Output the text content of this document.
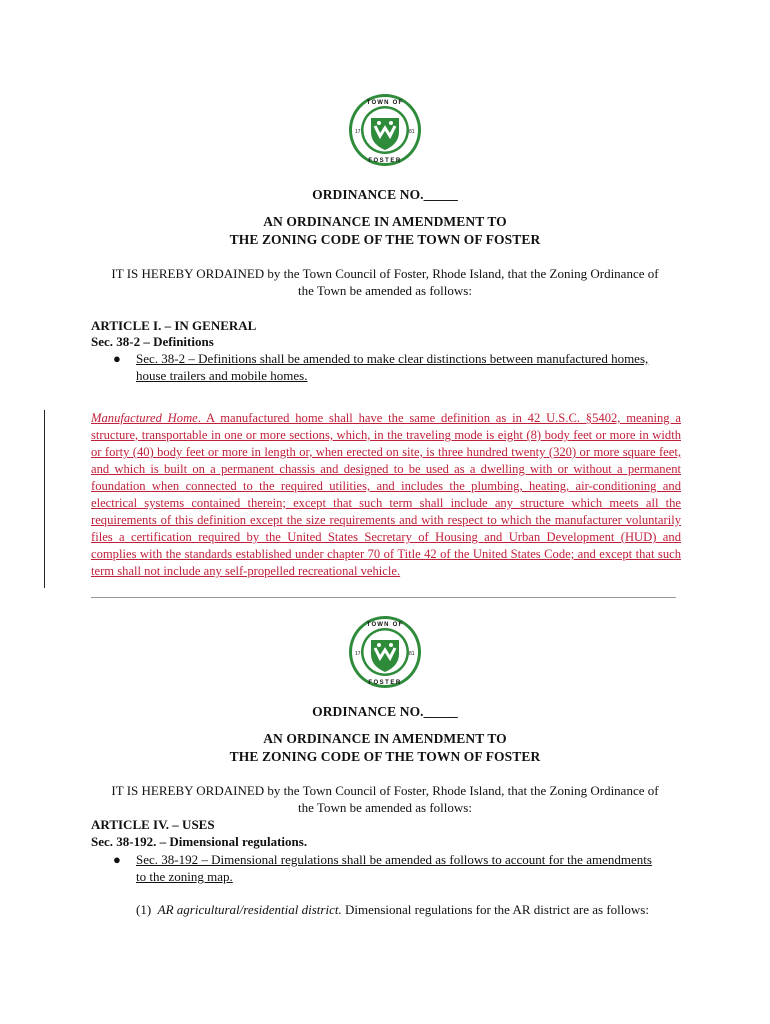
TOWN OF
FOSTER
17	81
ORDINANCE NO._____
AN ORDINANCE IN AMENDMENT TO
THE ZONING CODE OF THE TOWN OF FOSTER
IT IS HEREBY ORDAINED by the Town Council of Foster, Rhode Island, that the Zoning Ordinance of
the Town be amended as follows:
ARTICLE I. – IN GENERAL
Sec. 38-2 – Definitions
● Sec. 38-2 – Definitions shall be amended to make clear distinctions between manufactured homes,
house trailers and mobile homes.
Manufactured Home. A manufactured home shall have the same definition as in 42 U.S.C. §5402, meaning a structure, transportable in one or more sections, which, in the traveling mode is eight (8) body feet or more in width or forty (40) body feet or more in length or, when erected on site, is three hundred twenty (320) or more square feet, and which is built on a permanent chassis and designed to be used as a dwelling with or without a permanent foundation when connected to the required utilities, and includes the plumbing, heating, air-conditioning and electrical systems contained therein; except that such term shall include any structure which meets all the requirements of this definition except the size requirements and with respect to which the manufacturer voluntarily files a certification required by the United States Secretary of Housing and Urban Development (HUD) and complies with the standards established under chapter 70 of Title 42 of the United States Code; and except that such term shall not include any self-propelled recreational vehicle.
TOWN OF
FOSTER
17	81
ORDINANCE NO._____
AN ORDINANCE IN AMENDMENT TO
THE ZONING CODE OF THE TOWN OF FOSTER
IT IS HEREBY ORDAINED by the Town Council of Foster, Rhode Island, that the Zoning Ordinance of
the Town be amended as follows:
ARTICLE IV. – USES
Sec. 38-192. – Dimensional regulations.
● Sec. 38-192 – Dimensional regulations shall be amended as follows to account for the amendments
to the zoning map.
(1) AR agricultural/residential district. Dimensional regulations for the AR district are as follows:
